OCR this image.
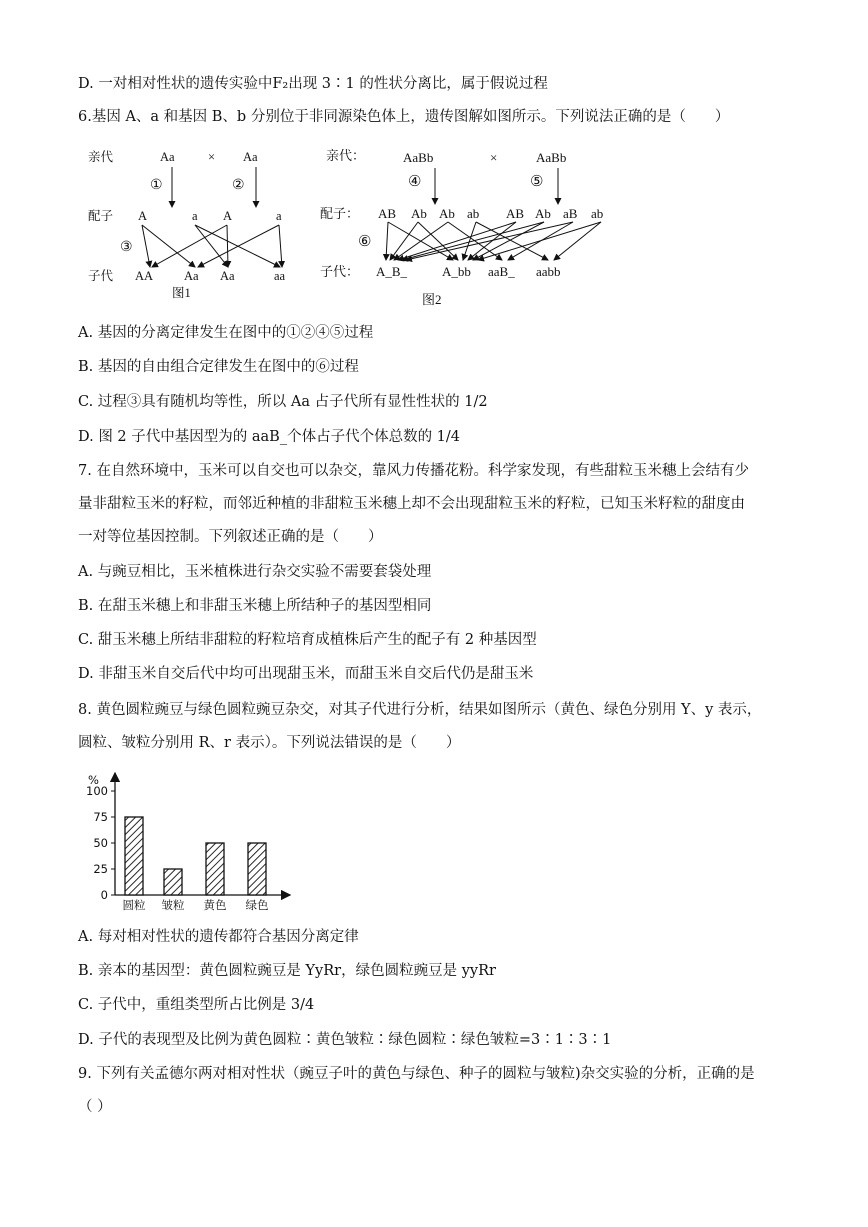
D. 一对相对性状的遗传实验中F₂出现 3∶1 的性状分离比，属于假说过程
6.基因 A、a 和基因 B、b 分别位于非同源染色体上，遗传图解如图所示。下列说法正确的是（　　）
亲代	Aa	× Aa
①	②
配子 A	a A	a
③
子代 AA Aa Aa	aa
图1
亲代：	AaBb	×	AaBb
④	⑤
配子： AB Ab Ab ab AB Ab aB ab
⑥
子代： A_B_	A_bb aaB_ aabb
图2
A. 基因的分离定律发生在图中的①②④⑤过程
B. 基因的自由组合定律发生在图中的⑥过程
C. 过程③具有随机均等性，所以 Aa 占子代所有显性性状的 1/2
D. 图 2 子代中基因型为的 aaB_个体占子代个体总数的 1/4
7. 在自然环境中，玉米可以自交也可以杂交，靠风力传播花粉。科学家发现，有些甜粒玉米穗上会结有少
量非甜粒玉米的籽粒，而邻近种植的非甜粒玉米穗上却不会出现甜粒玉米的籽粒，已知玉米籽粒的甜度由
一对等位基因控制。下列叙述正确的是（　　）
A. 与豌豆相比，玉米植株进行杂交实验不需要套袋处理
B. 在甜玉米穗上和非甜玉米穗上所结种子的基因型相同
C. 甜玉米穗上所结非甜粒的籽粒培育成植株后产生的配子有 2 种基因型
D. 非甜玉米自交后代中均可出现甜玉米，而甜玉米自交后代仍是甜玉米
8. 黄色圆粒豌豆与绿色圆粒豌豆杂交，对其子代进行分析，结果如图所示（黄色、绿色分别用 Y、y 表示，
圆粒、皱粒分别用 R、r 表示）。下列说法错误的是（　　）
%
0
25
50
75
100
圆粒 皱粒 黄色 绿色
A. 每对相对性状的遗传都符合基因分离定律
B. 亲本的基因型：黄色圆粒豌豆是 YyRr，绿色圆粒豌豆是 yyRr
C. 子代中，重组类型所占比例是 3/4
D. 子代的表现型及比例为黄色圆粒∶黄色皱粒∶绿色圆粒∶绿色皱粒=3∶1∶3∶1
9. 下列有关孟德尔两对相对性状（豌豆子叶的黄色与绿色、种子的圆粒与皱粒)杂交实验的分析，正确的是
（ ）
